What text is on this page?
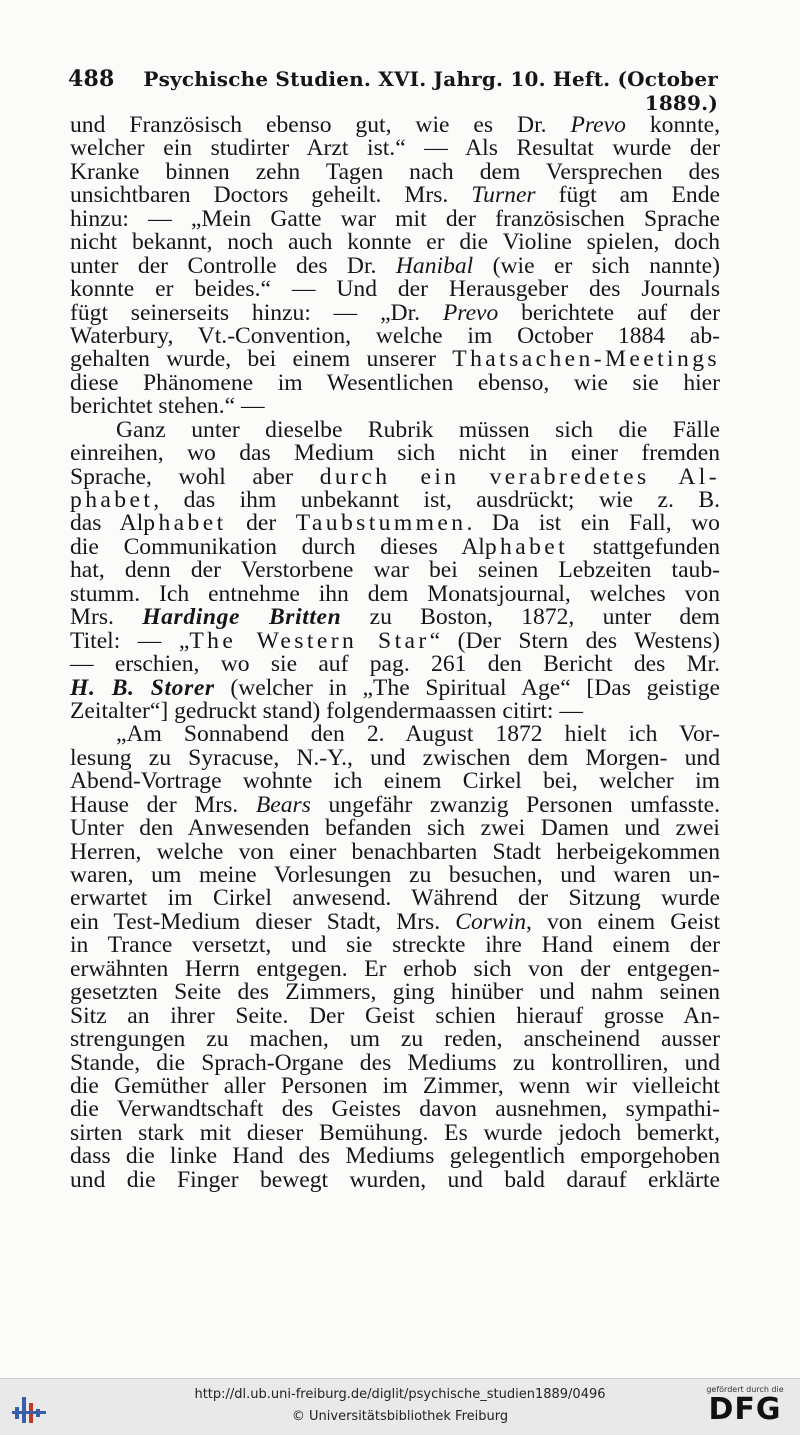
488	Psychische Studien. XVI. Jahrg. 10. Heft. (October 1889.)
und Französisch ebenso gut, wie es Dr. Prevo konnte,
welcher ein studirter Arzt ist.“ — Als Resultat wurde der
Kranke binnen zehn Tagen nach dem Versprechen des
unsichtbaren Doctors geheilt. Mrs. Turner fügt am Ende
hinzu: — „Mein Gatte war mit der französischen Sprache
nicht bekannt, noch auch konnte er die Violine spielen, doch
unter der Controlle des Dr. Hanibal (wie er sich nannte)
konnte er beides.“ — Und der Herausgeber des Journals
fügt seinerseits hinzu: — „Dr. Prevo berichtete auf der
Waterbury, Vt.-Convention, welche im October 1884 ab-
gehalten wurde, bei einem unserer Thatsachen-Meetings
diese Phänomene im Wesentlichen ebenso, wie sie hier
berichtet stehen.“ —
Ganz unter dieselbe Rubrik müssen sich die Fälle
einreihen, wo das Medium sich nicht in einer fremden
Sprache, wohl aber durch ein verabredetes Al-
phabet, das ihm unbekannt ist, ausdrückt; wie z. B.
das Alphabet der Taubstummen. Da ist ein Fall, wo
die Communikation durch dieses Alphabet stattgefunden
hat, denn der Verstorbene war bei seinen Lebzeiten taub-
stumm. Ich entnehme ihn dem Monatsjournal, welches von
Mrs. Hardinge Britten zu Boston, 1872, unter dem
Titel: — „The Western Star“ (Der Stern des Westens)
— erschien, wo sie auf pag. 261 den Bericht des Mr.
H. B. Storer (welcher in „The Spiritual Age“ [Das geistige
Zeitalter“] gedruckt stand) folgendermaassen citirt: —
„Am Sonnabend den 2. August 1872 hielt ich Vor-
lesung zu Syracuse, N.-Y., und zwischen dem Morgen- und
Abend-Vortrage wohnte ich einem Cirkel bei, welcher im
Hause der Mrs. Bears ungefähr zwanzig Personen umfasste.
Unter den Anwesenden befanden sich zwei Damen und zwei
Herren, welche von einer benachbarten Stadt herbeigekommen
waren, um meine Vorlesungen zu besuchen, und waren un-
erwartet im Cirkel anwesend. Während der Sitzung wurde
ein Test-Medium dieser Stadt, Mrs. Corwin, von einem Geist
in Trance versetzt, und sie streckte ihre Hand einem der
erwähnten Herrn entgegen. Er erhob sich von der entgegen-
gesetzten Seite des Zimmers, ging hinüber und nahm seinen
Sitz an ihrer Seite. Der Geist schien hierauf grosse An-
strengungen zu machen, um zu reden, anscheinend ausser
Stande, die Sprach-Organe des Mediums zu kontrolliren, und
die Gemüther aller Personen im Zimmer, wenn wir vielleicht
die Verwandtschaft des Geistes davon ausnehmen, sympathi-
sirten stark mit dieser Bemühung. Es wurde jedoch bemerkt,
dass die linke Hand des Mediums gelegentlich emporgehoben
und die Finger bewegt wurden, und bald darauf erklärte
http://dl.ub.uni-freiburg.de/diglit/psychische_studien1889/0496
© Universitätsbibliothek Freiburg
gefördert durch die
DFG
